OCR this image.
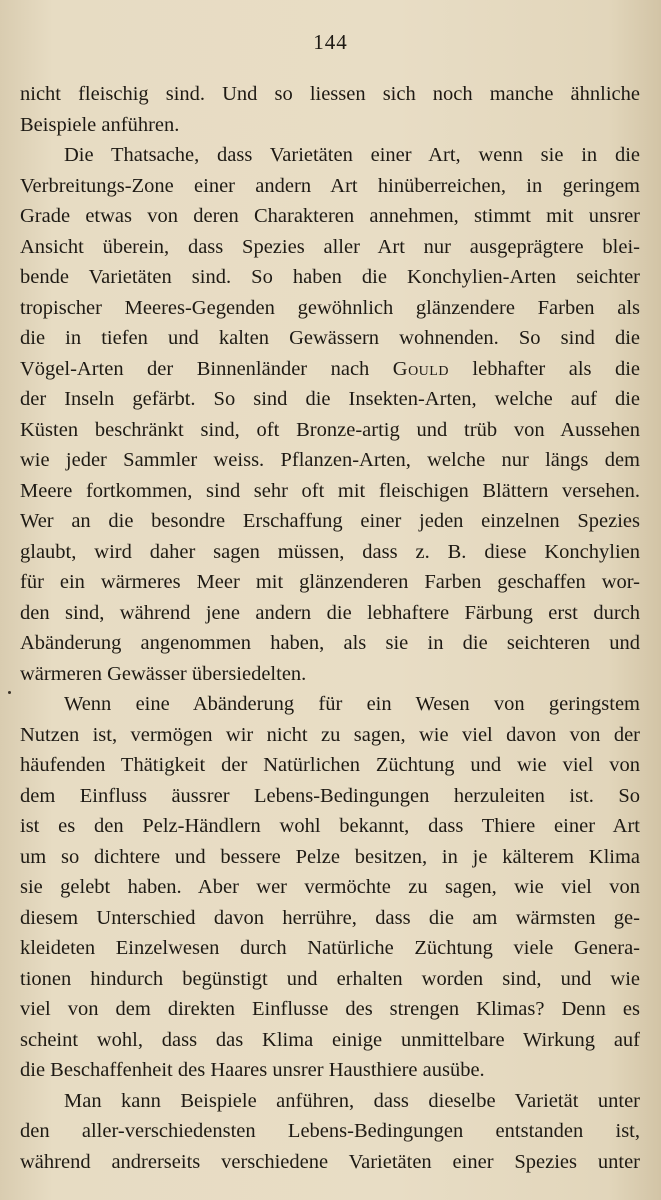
144
nicht fleischig sind. Und so liessen sich noch manche ähnliche
Beispiele anführen.
Die Thatsache, dass Varietäten einer Art, wenn sie in die
Verbreitungs-Zone einer andern Art hinüberreichen, in geringem
Grade etwas von deren Charakteren annehmen, stimmt mit unsrer
Ansicht überein, dass Spezies aller Art nur ausgeprägtere blei-
bende Varietäten sind. So haben die Konchylien-Arten seichter
tropischer Meeres-Gegenden gewöhnlich glänzendere Farben als
die in tiefen und kalten Gewässern wohnenden. So sind die
Vögel-Arten der Binnenländer nach Gould lebhafter als die
der Inseln gefärbt. So sind die Insekten-Arten, welche auf die
Küsten beschränkt sind, oft Bronze-artig und trüb von Aussehen
wie jeder Sammler weiss. Pflanzen-Arten, welche nur längs dem
Meere fortkommen, sind sehr oft mit fleischigen Blättern versehen.
Wer an die besondre Erschaffung einer jeden einzelnen Spezies
glaubt, wird daher sagen müssen, dass z. B. diese Konchylien
für ein wärmeres Meer mit glänzenderen Farben geschaffen wor-
den sind, während jene andern die lebhaftere Färbung erst durch
Abänderung angenommen haben, als sie in die seichteren und
wärmeren Gewässer übersiedelten.
Wenn eine Abänderung für ein Wesen von geringstem
Nutzen ist, vermögen wir nicht zu sagen, wie viel davon von der
häufenden Thätigkeit der Natürlichen Züchtung und wie viel von
dem Einfluss äussrer Lebens-Bedingungen herzuleiten ist. So
ist es den Pelz-Händlern wohl bekannt, dass Thiere einer Art
um so dichtere und bessere Pelze besitzen, in je kälterem Klima
sie gelebt haben. Aber wer vermöchte zu sagen, wie viel von
diesem Unterschied davon herrühre, dass die am wärmsten ge-
kleideten Einzelwesen durch Natürliche Züchtung viele Genera-
tionen hindurch begünstigt und erhalten worden sind, und wie
viel von dem direkten Einflusse des strengen Klimas? Denn es
scheint wohl, dass das Klima einige unmittelbare Wirkung auf
die Beschaffenheit des Haares unsrer Hausthiere ausübe.
Man kann Beispiele anführen, dass dieselbe Varietät unter
den aller-verschiedensten Lebens-Bedingungen entstanden ist,
während andrerseits verschiedene Varietäten einer Spezies unter
